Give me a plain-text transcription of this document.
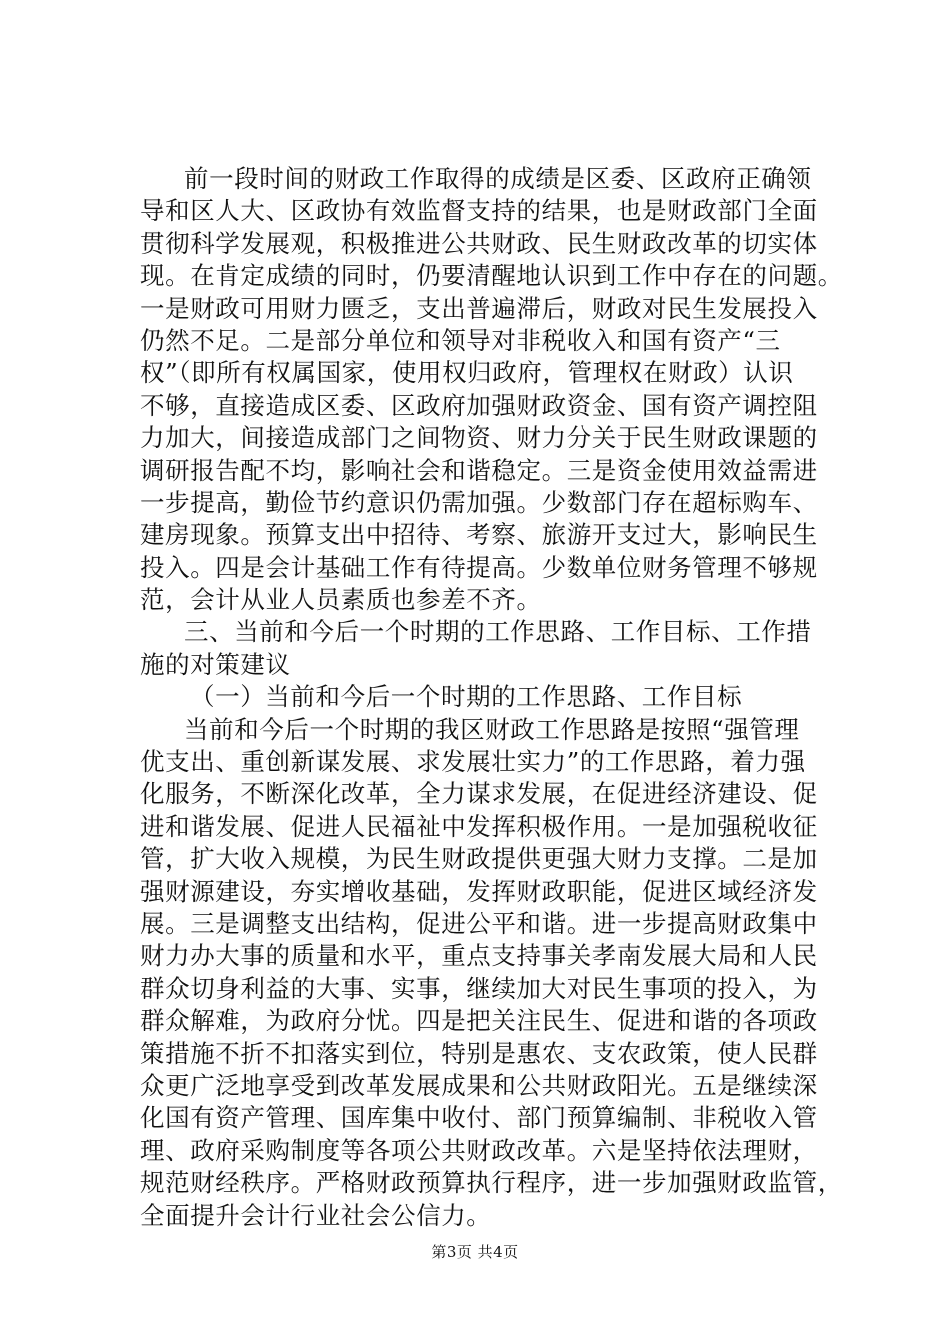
前一段时间的财政工作取得的成绩是区委、区政府正确领
导和区人大、区政协有效监督支持的结果，也是财政部门全面
贯彻科学发展观，积极推进公共财政、民生财政改革的切实体
现。在肯定成绩的同时，仍要清醒地认识到工作中存在的问题。
一是财政可用财力匮乏，支出普遍滞后，财政对民生发展投入
仍然不足。二是部分单位和领导对非税收入和国有资产“三
权”（即所有权属国家，使用权归政府，管理权在财政）认识
不够，直接造成区委、区政府加强财政资金、国有资产调控阻
力加大，间接造成部门之间物资、财力分关于民生财政课题的
调研报告配不均，影响社会和谐稳定。三是资金使用效益需进
一步提高，勤俭节约意识仍需加强。少数部门存在超标购车、
建房现象。预算支出中招待、考察、旅游开支过大，影响民生
投入。四是会计基础工作有待提高。少数单位财务管理不够规
范，会计从业人员素质也参差不齐。
三、当前和今后一个时期的工作思路、工作目标、工作措
施的对策建议
（一）当前和今后一个时期的工作思路、工作目标
当前和今后一个时期的我区财政工作思路是按照“强管理
优支出、重创新谋发展、求发展壮实力”的工作思路，着力强
化服务，不断深化改革，全力谋求发展，在促进经济建设、促
进和谐发展、促进人民福祉中发挥积极作用。一是加强税收征
管，扩大收入规模，为民生财政提供更强大财力支撑。二是加
强财源建设，夯实增收基础，发挥财政职能，促进区域经济发
展。三是调整支出结构，促进公平和谐。进一步提高财政集中
财力办大事的质量和水平，重点支持事关孝南发展大局和人民
群众切身利益的大事、实事，继续加大对民生事项的投入，为
群众解难，为政府分忧。四是把关注民生、促进和谐的各项政
策措施不折不扣落实到位，特别是惠农、支农政策，使人民群
众更广泛地享受到改革发展成果和公共财政阳光。五是继续深
化国有资产管理、国库集中收付、部门预算编制、非税收入管
理、政府采购制度等各项公共财政改革。六是坚持依法理财，
规范财经秩序。严格财政预算执行程序，进一步加强财政监管，
全面提升会计行业社会公信力。
第3页 共4页
